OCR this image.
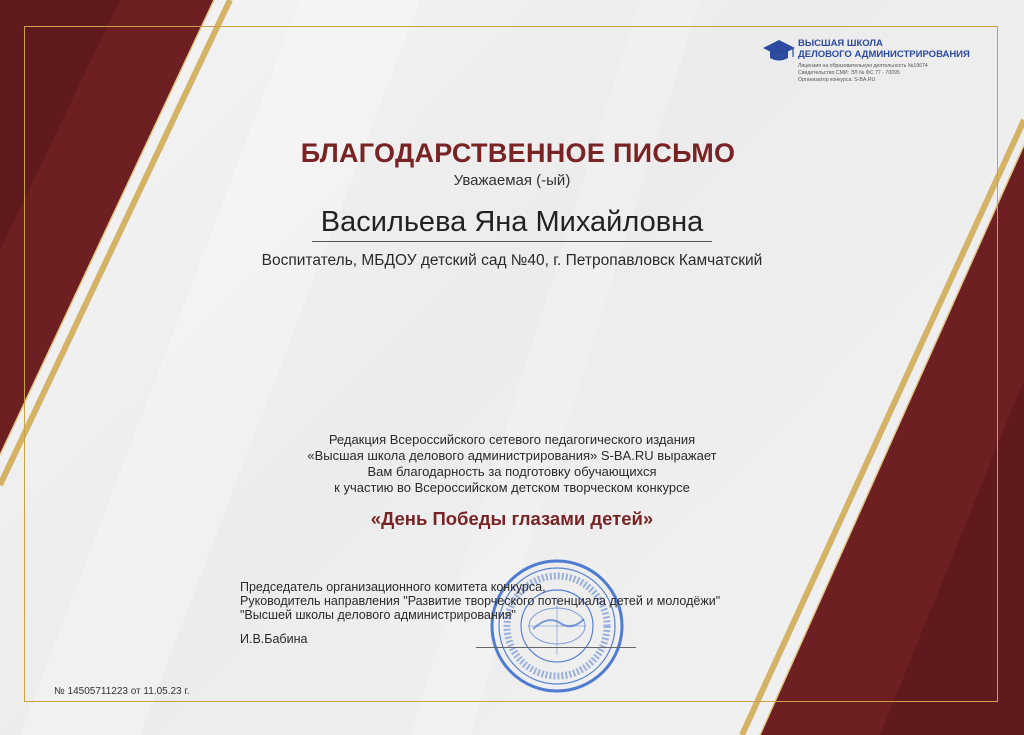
ВЫСШАЯ ШКОЛА
ДЕЛОВОГО АДМИНИСТРИРОВАНИЯ
Лицензия на образовательную деятельность №19674
Свидетельство СМИ: ЭЛ № ФС 77 - 70095
Организатор конкурса: S-BA.RU
БЛАГОДАРСТВЕННОЕ ПИСЬМО
Уважаемая (-ый)
Васильева Яна Михайловна
Воспитатель, МБДОУ детский сад №40, г. Петропавловск Камчатский
Редакция Всероссийского сетевого педагогического издания
«Высшая школа делового администрирования» S-BA.RU выражает
Вам благодарность за подготовку обучающихся
к участию во Всероссийском детском творческом конкурсе
«День Победы глазами детей»
Председатель организационного комитета конкурса,
Руководитель направления "Развитие творческого потенциала детей и молодёжи"
"Высшей школы делового администрирования"
И.В.Бабина
№ 14505711223 от 11.05.23 г.
